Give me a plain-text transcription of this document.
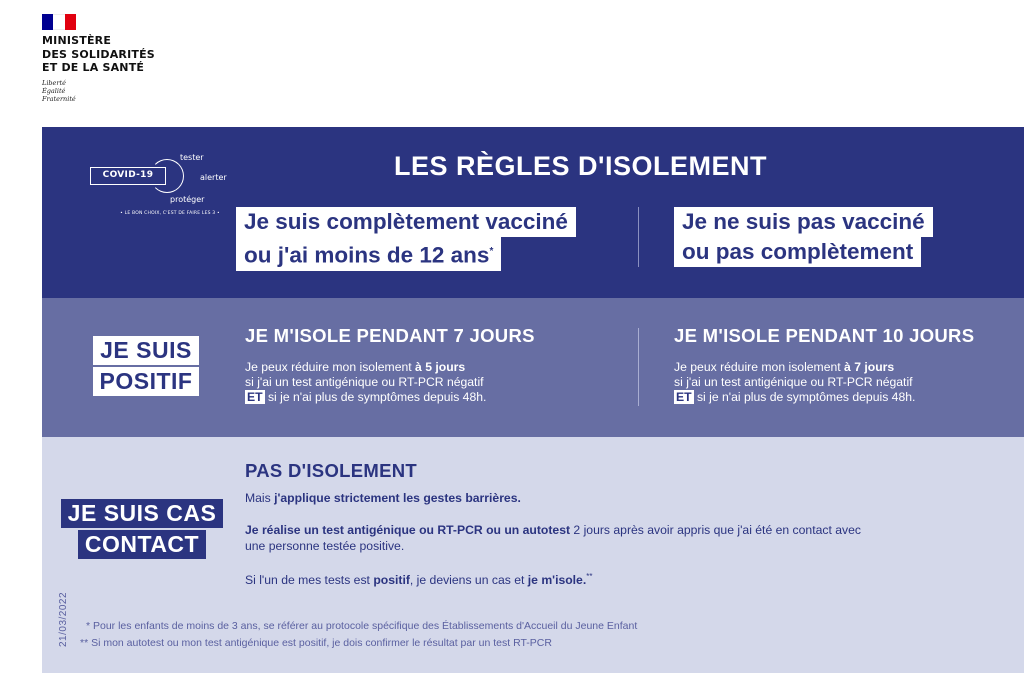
MINISTÈRE
DES SOLIDARITÉS
ET DE LA SANTÉ
Liberté
Égalité
Fraternité
tester
COVID-19	alerter
protéger
• LE BON CHOIX, C'EST DE FAIRE LES 3 •
LES RÈGLES D'ISOLEMENT
Je suis complètement vacciné
ou j'ai moins de 12 ans*
Je ne suis pas vacciné
ou pas complètement
JE SUIS
POSITIF
JE M'ISOLE PENDANT 7 JOURS
Je peux réduire mon isolement à 5 jours
si j'ai un test antigénique ou RT-PCR négatif
ET si je n'ai plus de symptômes depuis 48h.
JE M'ISOLE PENDANT 10 JOURS
Je peux réduire mon isolement à 7 jours
si j'ai un test antigénique ou RT-PCR négatif
ET si je n'ai plus de symptômes depuis 48h.
JE SUIS CAS
CONTACT
PAS D'ISOLEMENT
Mais j'applique strictement les gestes barrières.
Je réalise un test antigénique ou RT-PCR ou un autotest 2 jours après avoir appris que j'ai été en contact avec
une personne testée positive.
Si l'un de mes tests est positif, je deviens un cas et je m'isole.**
21/03/2022 * Pour les enfants de moins de 3 ans, se référer au protocole spécifique des Établissements d'Accueil du Jeune Enfant
** Si mon autotest ou mon test antigénique est positif, je dois confirmer le résultat par un test RT-PCR
